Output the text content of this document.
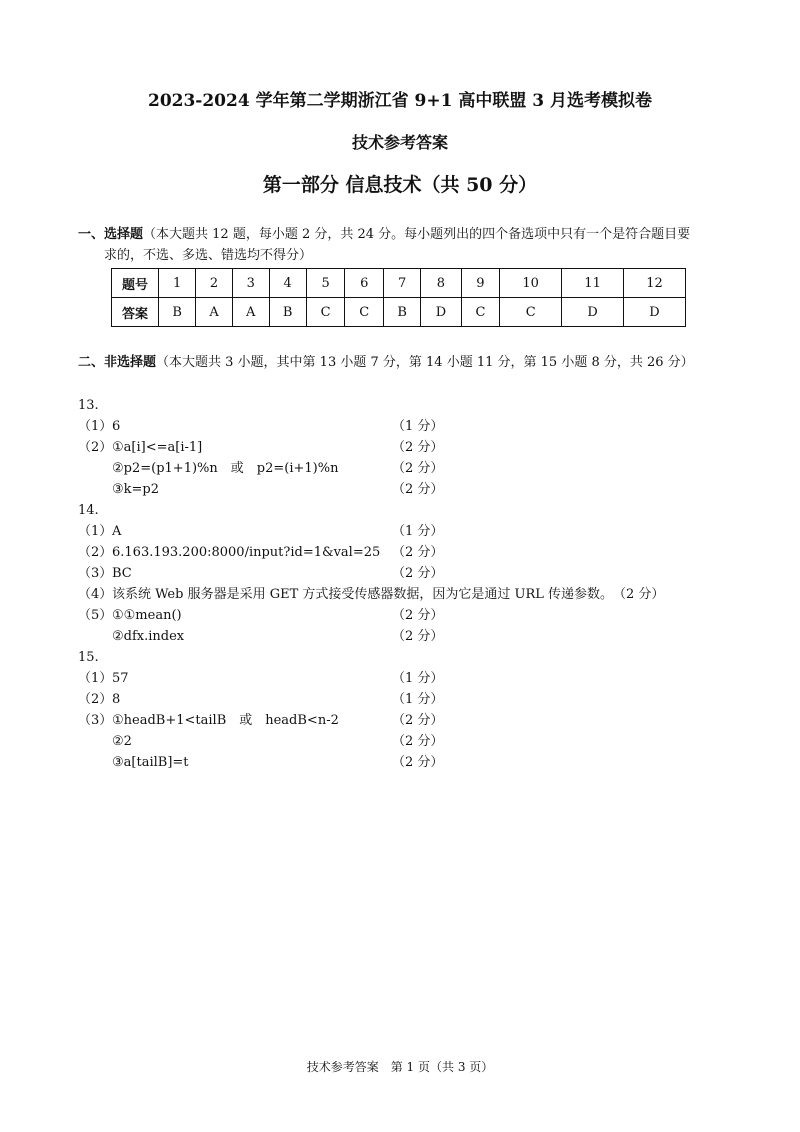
2023-2024 学年第二学期浙江省 9+1 高中联盟 3 月选考模拟卷
技术参考答案
第一部分 信息技术（共 50 分）
一、选择题（本大题共 12 题，每小题 2 分，共 24 分。每小题列出的四个备选项中只有一个是符合题目要
求的，不选、多选、错选均不得分）
题号	1	2	3	4	5	6	7	8	9	10	11	12
答案	B	A	A	B	C	C	B	D	C	C	D	D
二、非选择题（本大题共 3 小题，其中第 13 小题 7 分，第 14 小题 11 分，第 15 小题 8 分，共 26 分）
13.
（1） 6	（1 分）
（2） ①a[i]<=a[i-1]	（2 分）
②p2=(p1+1)%n　或　p2=(i+1)%n	（2 分）
③k=p2	（2 分）
14.
（1） A	（1 分）
（2） 6.163.193.200:8000/input?id=1&val=25 （2 分）
（3） BC	（2 分）
（4） 该系统 Web 服务器是采用 GET 方式接受传感器数据，因为它是通过 URL 传递参数。　（2 分）
（5） ①①mean()	（2 分）
②dfx.index	（2 分）
15.
（1） 57	（1 分）
（2） 8	（1 分）
（3） ①headB+1<tailB　或　headB<n-2	（2 分）
②2	（2 分）
③a[tailB]=t	（2 分）
技术参考答案　第 1 页（共 3 页）
